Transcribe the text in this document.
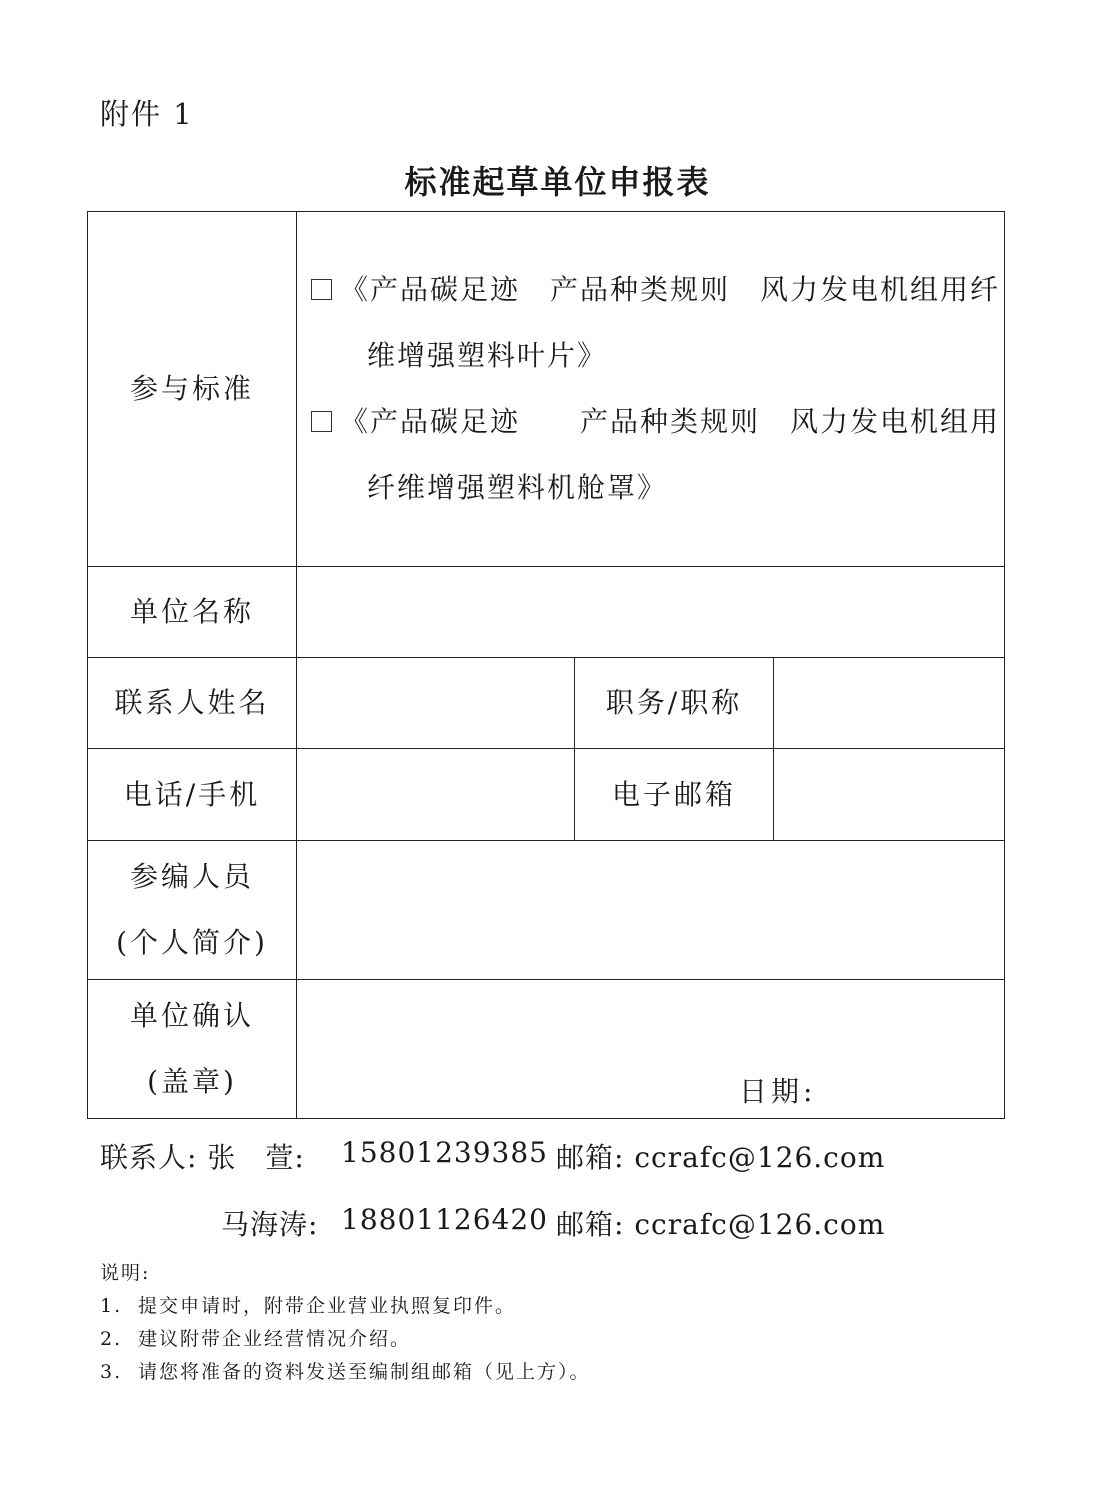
附件 1
标准起草单位申报表
参与标准	《产品碳足迹　产品种类规则　风力发电机组用纤
维增强塑料叶片》
《产品碳足迹　　产品种类规则　风力发电机组用
纤维增强塑料机舱罩》		

单位名称			
联系人姓名		职务/职称	
电话/手机		电子邮箱	

参编人员
(个人简介)			

单位确认
(盖章)	日期:		
联系人: 张　萱: 15801239385 邮箱: ccrafc@126.com
马海涛: 18801126420 邮箱: ccrafc@126.com
说明:
1. 提交申请时，附带企业营业执照复印件。
2. 建议附带企业经营情况介绍。
3. 请您将准备的资料发送至编制组邮箱（见上方）。
